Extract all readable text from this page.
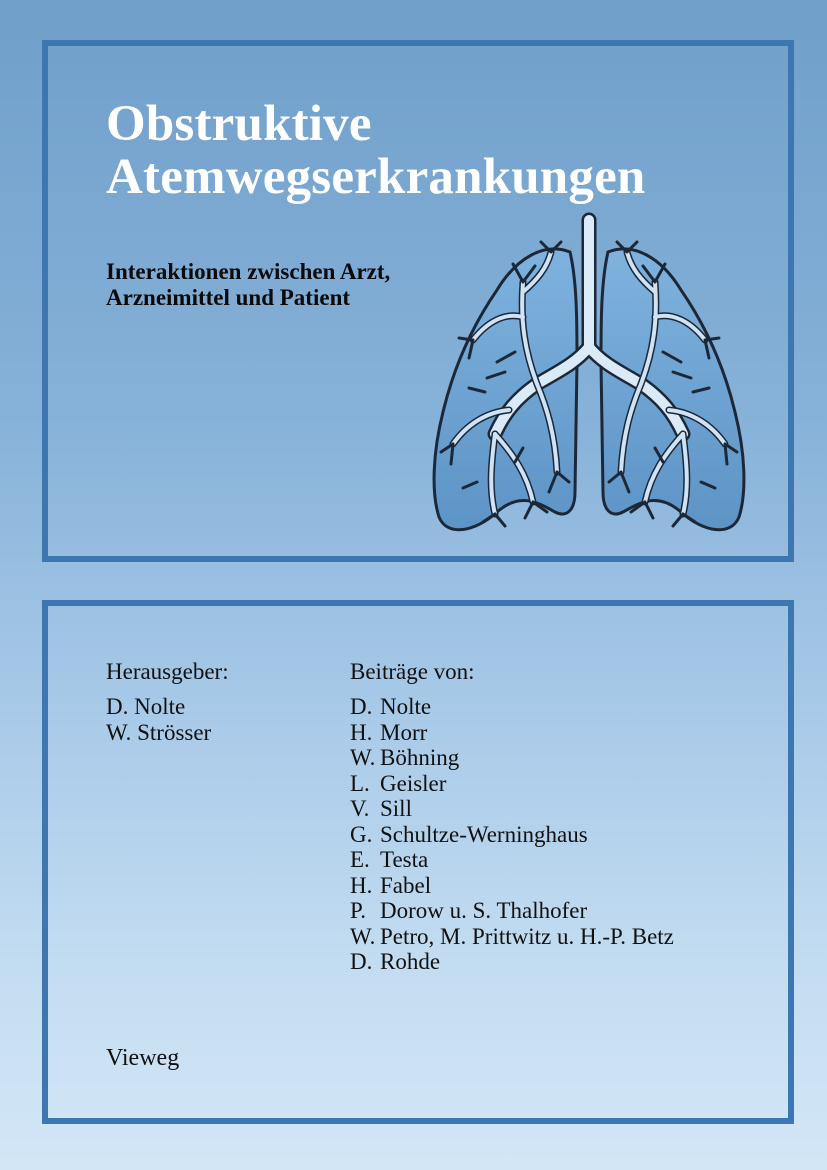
Obstruktive
Atemwegserkrankungen
Interaktionen zwischen Arzt,
Arzneimittel und Patient
Herausgeber:
D. Nolte
W. Strösser
Beiträge von:
D. Nolte
H. Morr
W. Böhning
L. Geisler
V. Sill
G. Schultze-Werninghaus
E. Testa
H. Fabel
P. Dorow u. S. Thalhofer
W. Petro, M. Prittwitz u. H.-P. Betz
D. Rohde
Vieweg
